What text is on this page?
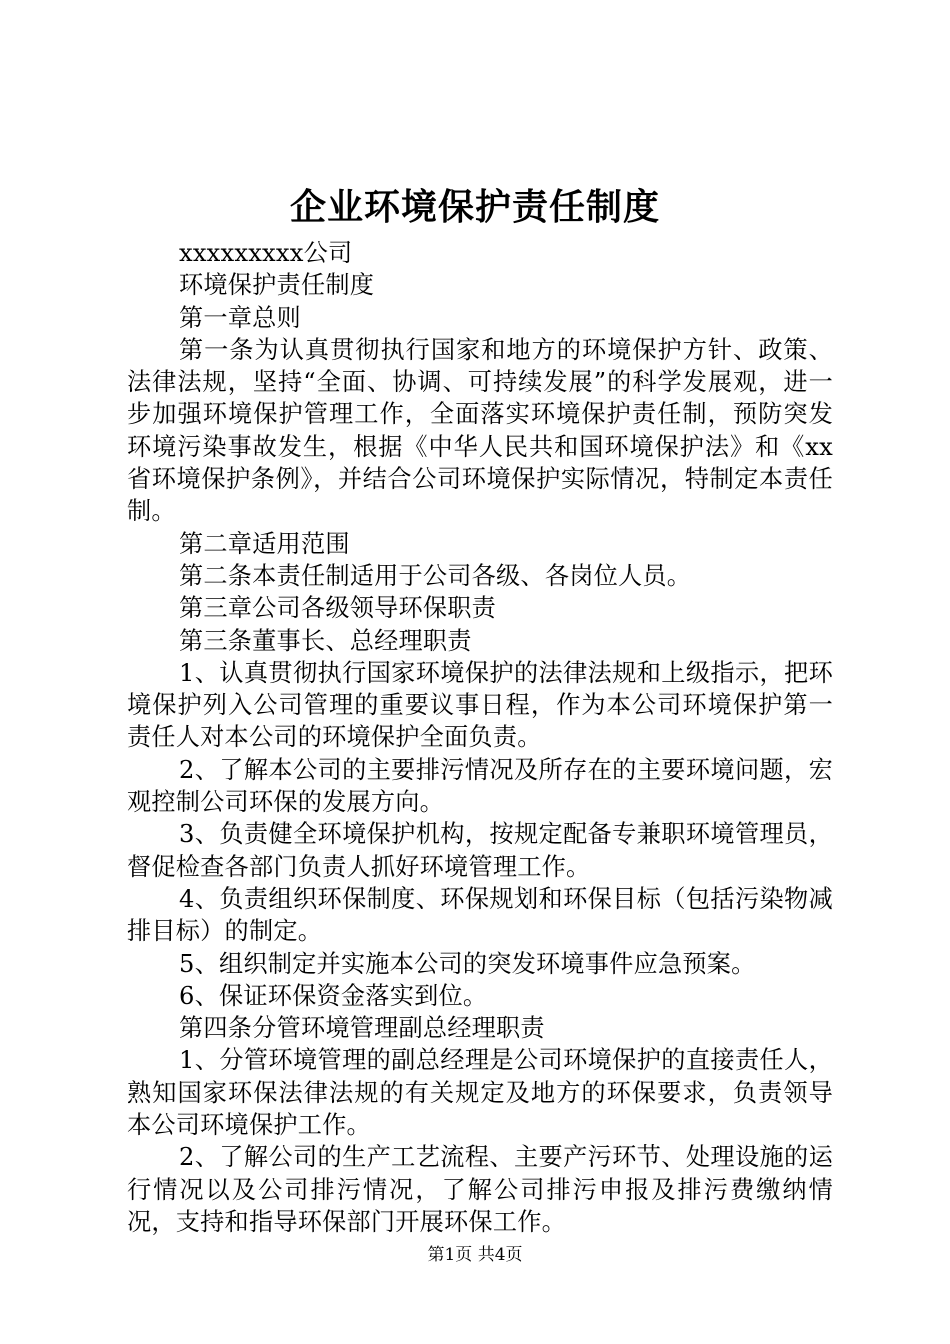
企业环境保护责任制度

xxxxxxxxx公司

环境保护责任制度

第一章总则

第一条为认真贯彻执行国家和地方的环境保护方针、政策、法律法规，坚持“全面、协调、可持续发展”的科学发展观，进一步加强环境保护管理工作，全面落实环境保护责任制，预防突发环境污染事故发生，根据《中华人民共和国环境保护法》和《xx省环境保护条例》，并结合公司环境保护实际情况，特制定本责任制。

第二章适用范围

第二条本责任制适用于公司各级、各岗位人员。

第三章公司各级领导环保职责

第三条董事长、总经理职责

1、认真贯彻执行国家环境保护的法律法规和上级指示，把环境保护列入公司管理的重要议事日程，作为本公司环境保护第一责任人对本公司的环境保护全面负责。

2、了解本公司的主要排污情况及所存在的主要环境问题，宏观控制公司环保的发展方向。

3、负责健全环境保护机构，按规定配备专兼职环境管理员，督促检查各部门负责人抓好环境管理工作。

4、负责组织环保制度、环保规划和环保目标（包括污染物减排目标）的制定。

5、组织制定并实施本公司的突发环境事件应急预案。

6、保证环保资金落实到位。

第四条分管环境管理副总经理职责

1、分管环境管理的副总经理是公司环境保护的直接责任人，熟知国家环保法律法规的有关规定及地方的环保要求，负责领导本公司环境保护工作。

2、了解公司的生产工艺流程、主要产污环节、处理设施的运行情况以及公司排污情况，了解公司排污申报及排污费缴纳情况，支持和指导环保部门开展环保工作。

第1页 共4页
